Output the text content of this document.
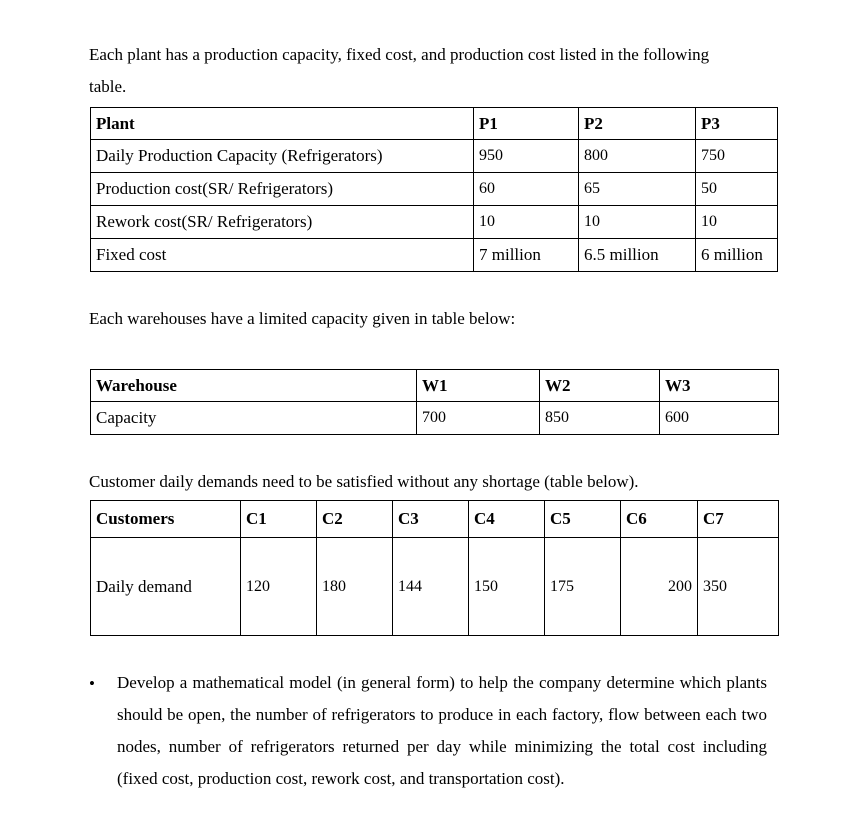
Each plant has a production capacity, fixed cost, and production cost listed in the following

table.

Plant	P1	P2	P3
Daily Production Capacity (Refrigerators)	950	800	750
Production cost(SR/ Refrigerators)	60	65	50
Rework cost(SR/ Refrigerators)	10	10	10
Fixed cost	7 million	6.5 million	6 million

Each warehouses have a limited capacity given in table below:

Warehouse	W1	W2	W3
Capacity	700	850	600

Customer daily demands need to be satisfied without any shortage (table below).

Customers	C1	C2	C3	C4	C5	C6	C7
Daily demand	120	180	144	150	175	200	350
• Develop a mathematical model (in general form) to help the company determine which plants should be open, the number of refrigerators to produce in each factory, flow between each two nodes, number of refrigerators returned per day while minimizing the total cost including (fixed cost, production cost, rework cost, and transportation cost).
